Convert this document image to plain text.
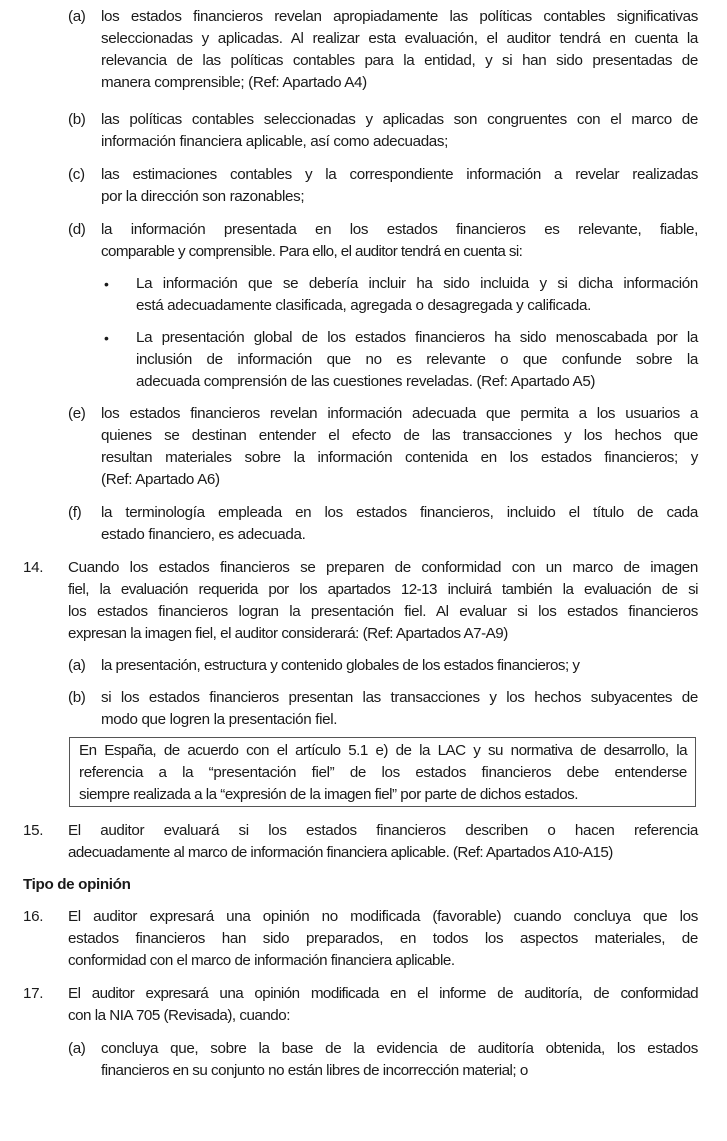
(a) los estados financieros revelan apropiadamente las políticas contables significativas
seleccionadas y aplicadas. Al realizar esta evaluación, el auditor tendrá en cuenta la
relevancia de las políticas contables para la entidad, y si han sido presentadas de
manera comprensible; (Ref: Apartado A4)
(b) las políticas contables seleccionadas y aplicadas son congruentes con el marco de
información financiera aplicable, así como adecuadas;
(c) las estimaciones contables y la correspondiente información a revelar realizadas
por la dirección son razonables;
(d) la información presentada en los estados financieros es relevante, fiable,
comparable y comprensible. Para ello, el auditor tendrá en cuenta si:
• La información que se debería incluir ha sido incluida y si dicha información
está adecuadamente clasificada, agregada o desagregada y calificada.
• La presentación global de los estados financieros ha sido menoscabada por la
inclusión de información que no es relevante o que confunde sobre la
adecuada comprensión de las cuestiones reveladas. (Ref: Apartado A5)
(e) los estados financieros revelan información adecuada que permita a los usuarios a
quienes se destinan entender el efecto de las transacciones y los hechos que
resultan materiales sobre la información contenida en los estados financieros; y
(Ref: Apartado A6)
(f) la terminología empleada en los estados financieros, incluido el título de cada
estado financiero, es adecuada.
14. Cuando los estados financieros se preparen de conformidad con un marco de imagen
fiel, la evaluación requerida por los apartados 12-13 incluirá también la evaluación de si
los estados financieros logran la presentación fiel. Al evaluar si los estados financieros
expresan la imagen fiel, el auditor considerará: (Ref: Apartados A7-A9)
(a) la presentación, estructura y contenido globales de los estados financieros; y
(b) si los estados financieros presentan las transacciones y los hechos subyacentes de
modo que logren la presentación fiel.
En España, de acuerdo con el artículo 5.1 e) de la LAC y su normativa de desarrollo, la
referencia a la “presentación fiel” de los estados financieros debe entenderse
siempre realizada a la “expresión de la imagen fiel” por parte de dichos estados.
15. El auditor evaluará si los estados financieros describen o hacen referencia
adecuadamente al marco de información financiera aplicable. (Ref: Apartados A10-A15)
Tipo de opinión
16. El auditor expresará una opinión no modificada (favorable) cuando concluya que los
estados financieros han sido preparados, en todos los aspectos materiales, de
conformidad con el marco de información financiera aplicable.
17. El auditor expresará una opinión modificada en el informe de auditoría, de conformidad
con la NIA 705 (Revisada), cuando:
(a) concluya que, sobre la base de la evidencia de auditoría obtenida, los estados
financieros en su conjunto no están libres de incorrección material; o
